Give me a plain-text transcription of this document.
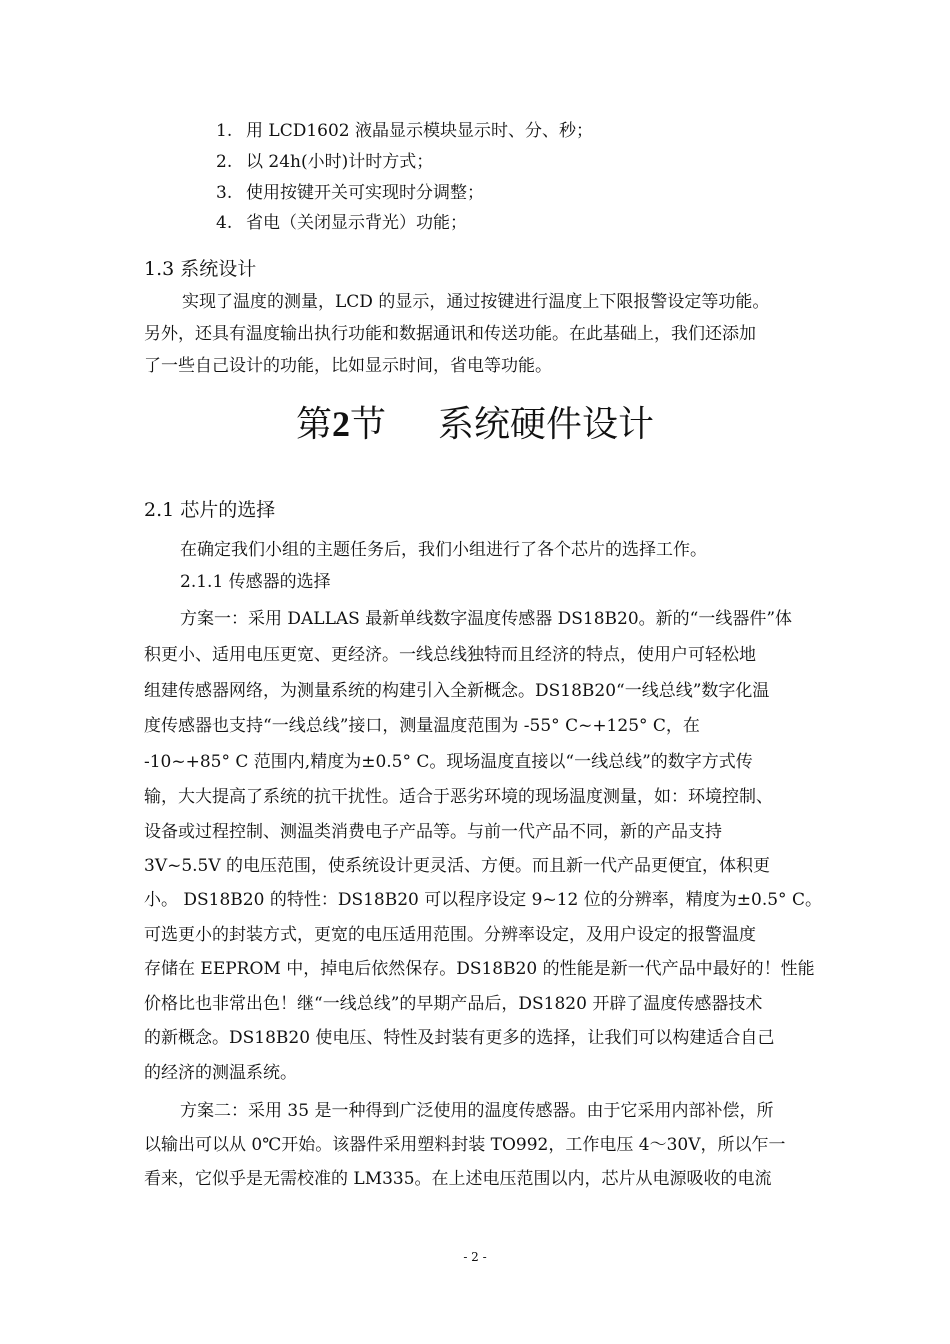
1. 用 LCD1602 液晶显示模块显示时、分、秒；
2. 以 24h(小时)计时方式；
3. 使用按键开关可实现时分调整；
4. 省电（关闭显示背光）功能；
1.3 系统设计
实现了温度的测量，LCD 的显示，通过按键进行温度上下限报警设定等功能。
另外，还具有温度输出执行功能和数据通讯和传送功能。在此基础上，我们还添加
了一些自己设计的功能，比如显示时间，省电等功能。
第2节 系统硬件设计
2.1 芯片的选择
在确定我们小组的主题任务后，我们小组进行了各个芯片的选择工作。
2.1.1 传感器的选择
方案一：采用 DALLAS 最新单线数字温度传感器 DS18B20。新的“一线器件”体
积更小、适用电压更宽、更经济。一线总线独特而且经济的特点，使用户可轻松地
组建传感器网络，为测量系统的构建引入全新概念。DS18B20“一线总线”数字化温
度传感器也支持“一线总线”接口，测量温度范围为 -55° C~+125° C，在
-10~+85° C 范围内,精度为±0.5° C。现场温度直接以“一线总线”的数字方式传
输，大大提高了系统的抗干扰性。适合于恶劣环境的现场温度测量，如：环境控制、
设备或过程控制、测温类消费电子产品等。与前一代产品不同，新的产品支持
3V~5.5V 的电压范围，使系统设计更灵活、方便。而且新一代产品更便宜，体积更
小。 DS18B20 的特性：DS18B20 可以程序设定 9~12 位的分辨率，精度为±0.5° C。
可选更小的封装方式，更宽的电压适用范围。分辨率设定，及用户设定的报警温度
存储在 EEPROM 中，掉电后依然保存。DS18B20 的性能是新一代产品中最好的！性能
价格比也非常出色！继“一线总线”的早期产品后，DS1820 开辟了温度传感器技术
的新概念。DS18B20 使电压、特性及封装有更多的选择，让我们可以构建适合自己
的经济的测温系统。
方案二：采用 35 是一种得到广泛使用的温度传感器。由于它采用内部补偿，所
以输出可以从 0℃开始。该器件采用塑料封装 TO992，工作电压 4～30V，所以乍一
看来，它似乎是无需校准的 LM335。在上述电压范围以内，芯片从电源吸收的电流
- 2 -
